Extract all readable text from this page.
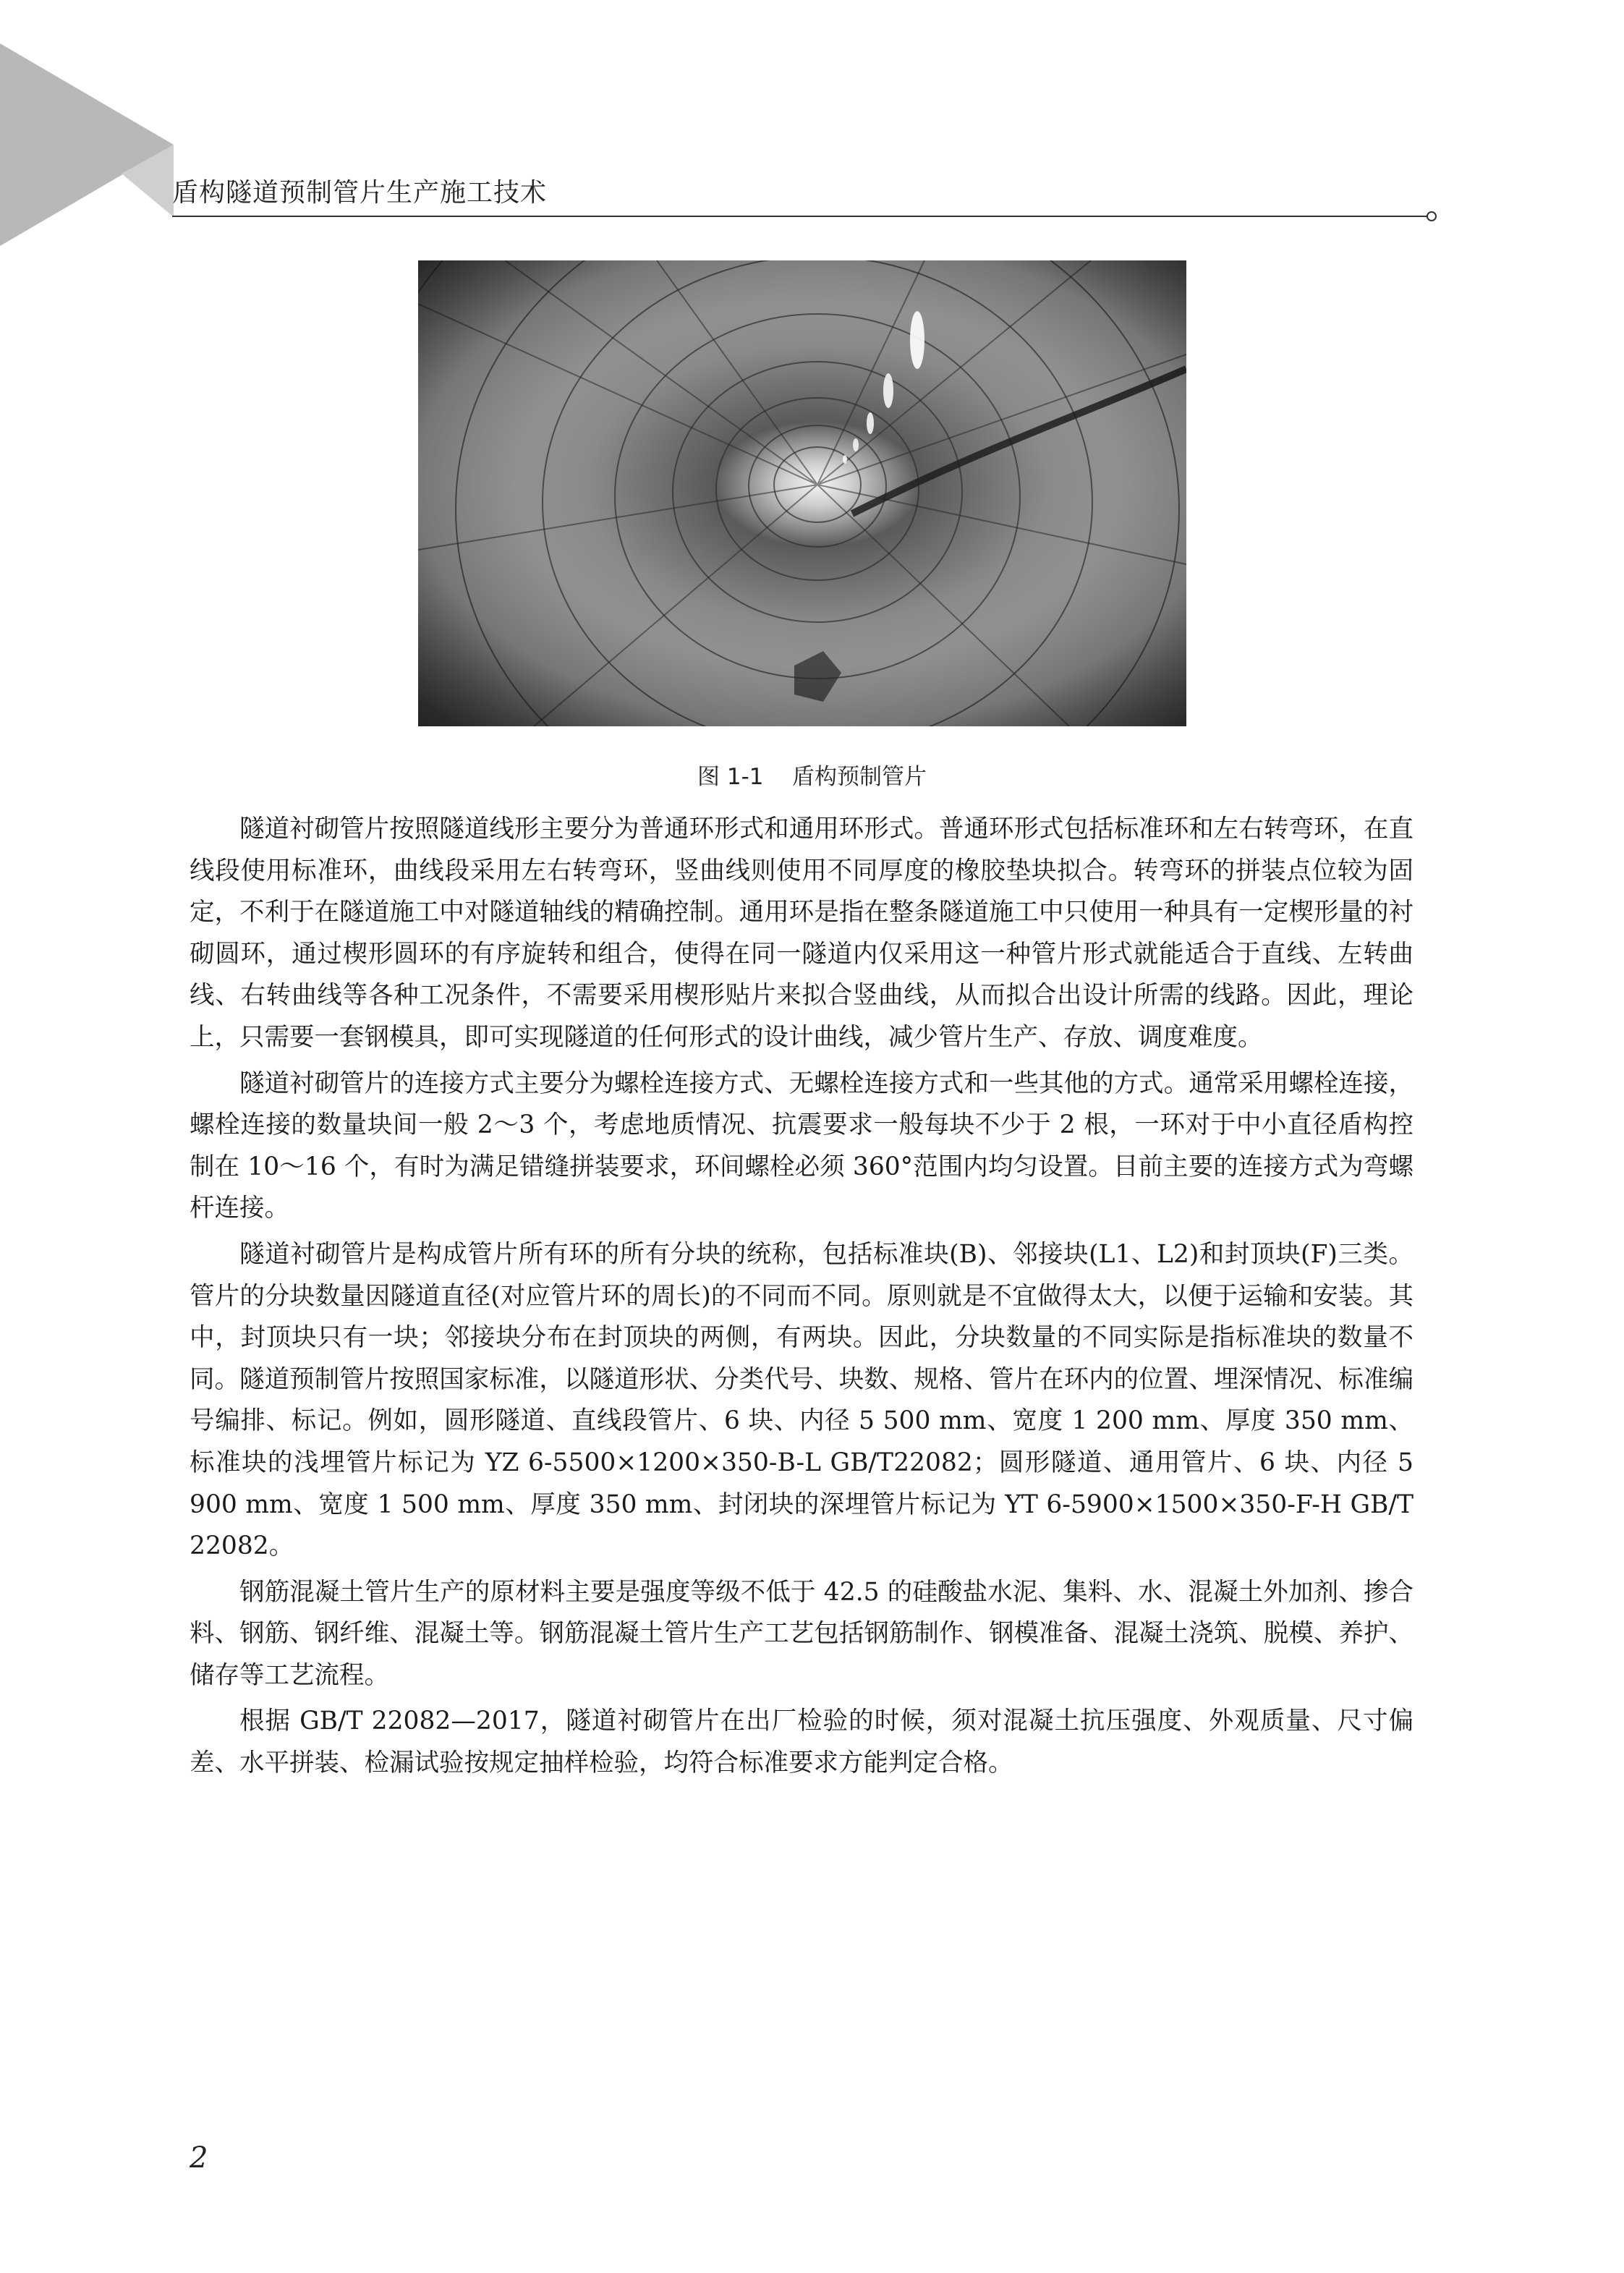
盾构隧道预制管片生产施工技术
图 1-1 盾构预制管片

隧道衬砌管片按照隧道线形主要分为普通环形式和通用环形式。普通环形式包括标准环和左右转弯环，在直线段使用标准环，曲线段采用左右转弯环，竖曲线则使用不同厚度的橡胶垫块拟合。转弯环的拼装点位较为固定，不利于在隧道施工中对隧道轴线的精确控制。通用环是指在整条隧道施工中只使用一种具有一定楔形量的衬砌圆环，通过楔形圆环的有序旋转和组合，使得在同一隧道内仅采用这一种管片形式就能适合于直线、左转曲线、右转曲线等各种工况条件，不需要采用楔形贴片来拟合竖曲线，从而拟合出设计所需的线路。因此，理论上，只需要一套钢模具，即可实现隧道的任何形式的设计曲线，减少管片生产、存放、调度难度。

隧道衬砌管片的连接方式主要分为螺栓连接方式、无螺栓连接方式和一些其他的方式。通常采用螺栓连接，螺栓连接的数量块间一般 2～3 个，考虑地质情况、抗震要求一般每块不少于 2 根，一环对于中小直径盾构控制在 10～16 个，有时为满足错缝拼装要求，环间螺栓必须 360°范围内均匀设置。目前主要的连接方式为弯螺杆连接。

隧道衬砌管片是构成管片所有环的所有分块的统称，包括标准块(B)、邻接块(L1、L2)和封顶块(F)三类。管片的分块数量因隧道直径(对应管片环的周长)的不同而不同。原则就是不宜做得太大，以便于运输和安装。其中，封顶块只有一块；邻接块分布在封顶块的两侧，有两块。因此，分块数量的不同实际是指标准块的数量不同。隧道预制管片按照国家标准，以隧道形状、分类代号、块数、规格、管片在环内的位置、埋深情况、标准编号编排、标记。例如，圆形隧道、直线段管片、6 块、内径 5 500 mm、宽度 1 200 mm、厚度 350 mm、标准块的浅埋管片标记为 YZ 6-5500×1200×350-B-L GB/T22082；圆形隧道、通用管片、6 块、内径 5 900 mm、宽度 1 500 mm、厚度 350 mm、封闭块的深埋管片标记为 YT 6-5900×1500×350-F-H GB/T 22082。

钢筋混凝土管片生产的原材料主要是强度等级不低于 42.5 的硅酸盐水泥、集料、水、混凝土外加剂、掺合料、钢筋、钢纤维、混凝土等。钢筋混凝土管片生产工艺包括钢筋制作、钢模准备、混凝土浇筑、脱模、养护、储存等工艺流程。

根据 GB/T 22082—2017，隧道衬砌管片在出厂检验的时候，须对混凝土抗压强度、外观质量、尺寸偏差、水平拼装、检漏试验按规定抽样检验，均符合标准要求方能判定合格。

2
